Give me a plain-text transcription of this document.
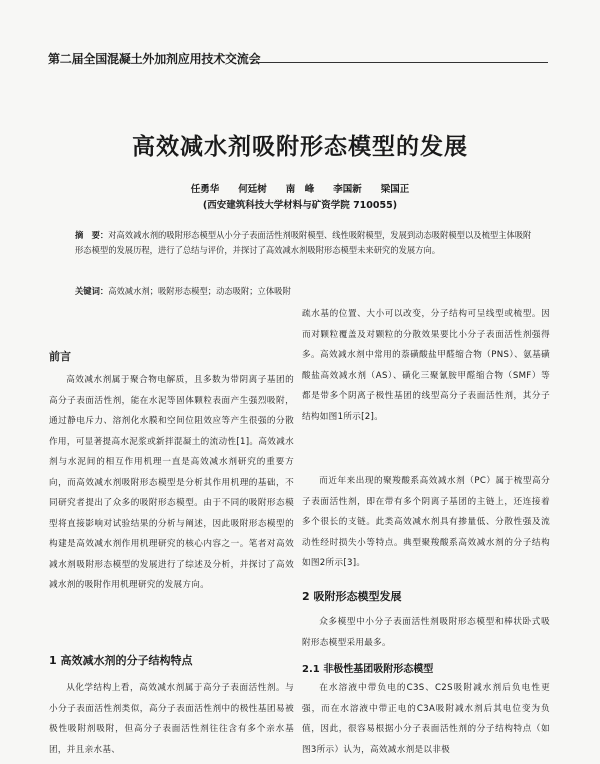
第二届全国混凝土外加剂应用技术交流会
高效减水剂吸附形态模型的发展
任勇华　　何廷树　　南　峰　　李国新　　梁国正
(西安建筑科技大学材料与矿资学院 710055)
摘　要：对高效减水剂的吸附形态模型从小分子表面活性剂吸附模型、线性吸附模型，发展到动态吸附模型以及梳型主体吸附形态模型的发展历程，进行了总结与评价，并探讨了高效减水剂吸附形态模型未来研究的发展方向。
关键词：高效减水剂；吸附形态模型；动态吸附；立体吸附
前言
高效减水剂属于聚合物电解质，且多数为带阴离子基团的高分子表面活性剂，能在水泥等固体颗粒表面产生强烈吸附，通过静电斥力、溶剂化水膜和空间位阻效应等产生很强的分散作用，可显著提高水泥浆或新拌混凝土的流动性[1]。高效减水剂与水泥间的相互作用机理一直是高效减水剂研究的重要方向，而高效减水剂吸附形态模型是分析其作用机理的基础，不同研究者提出了众多的吸附形态模型。由于不同的吸附形态模型将直接影响对试验结果的分析与阐述，因此吸附形态模型的构建是高效减水剂作用机理研究的核心内容之一。笔者对高效减水剂吸附形态模型的发展进行了综述及分析，并探讨了高效减水剂的吸附作用机理研究的发展方向。
1 高效减水剂的分子结构特点
从化学结构上看，高效减水剂属于高分子表面活性剂。与小分子表面活性剂类似，高分子表面活性剂中的极性基团易被极性吸附剂吸附，但高分子表面活性剂往往含有多个亲水基团，并且亲水基、
疏水基的位置、大小可以改变，分子结构可呈线型或梳型。因而对颗粒覆盖及对颗粒的分散效果要比小分子表面活性剂强得多。高效减水剂中常用的萘磺酸盐甲醛缩合物（PNS）、氨基磺酸盐高效减水剂（AS）、磺化三聚氰胺甲醛缩合物（SMF）等都是带多个阴离子极性基团的线型高分子表面活性剂，其分子结构如图1所示[2]。
而近年来出现的聚羧酸系高效减水剂（PC）属于梳型高分子表面活性剂，即在带有多个阴离子基团的主链上，还连接着多个很长的支链。此类高效减水剂具有掺量低、分散性强及流动性经时损失小等特点。典型聚羧酸系高效减水剂的分子结构如图2所示[3]。
2 吸附形态模型发展
众多模型中小分子表面活性剂吸附形态模型和棒状卧式吸附形态模型采用最多。
2.1 非极性基团吸附形态模型
在水溶液中带负电的C3S、C2S吸附减水剂后负电性更强，而在水溶液中带正电的C3A吸附减水剂后其电位变为负值，因此，很容易根据小分子表面活性剂的分子结构特点（如图3所示）认为，高效减水剂是以非极
